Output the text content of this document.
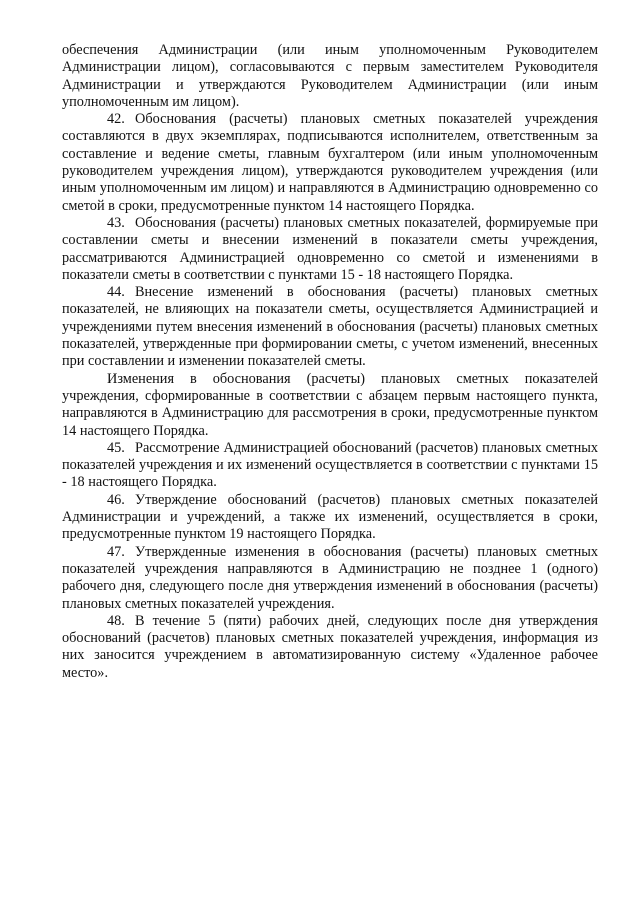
обеспечения Администрации (или иным уполномоченным Руководителем Администрации лицом), согласовываются с первым заместителем Руководителя Администрации и утверждаются Руководителем Администрации (или иным уполномоченным им лицом).

42. Обоснования (расчеты) плановых сметных показателей учреждения составляются в двух экземплярах, подписываются исполнителем, ответственным за составление и ведение сметы, главным бухгалтером (или иным уполномоченным руководителем учреждения лицом), утверждаются руководителем учреждения (или иным уполномоченным им лицом) и направляются в Администрацию одновременно со сметой в сроки, предусмотренные пунктом 14 настоящего Порядка.

43. Обоснования (расчеты) плановых сметных показателей, формируемые при составлении сметы и внесении изменений в показатели сметы учреждения, рассматриваются Администрацией одновременно со сметой и изменениями в показатели сметы в соответствии с пунктами 15 - 18 настоящего Порядка.

44. Внесение изменений в обоснования (расчеты) плановых сметных показателей, не влияющих на показатели сметы, осуществляется Администрацией и учреждениями путем внесения изменений в обоснования (расчеты) плановых сметных показателей, утвержденные при формировании сметы, с учетом изменений, внесенных при составлении и изменении показателей сметы.

Изменения в обоснования (расчеты) плановых сметных показателей учреждения, сформированные в соответствии с абзацем первым настоящего пункта, направляются в Администрацию для рассмотрения в сроки, предусмотренные пунктом 14 настоящего Порядка.

45. Рассмотрение Администрацией обоснований (расчетов) плановых сметных показателей учреждения и их изменений осуществляется в соответствии с пунктами 15 - 18 настоящего Порядка.

46. Утверждение обоснований (расчетов) плановых сметных показателей Администрации и учреждений, а также их изменений, осуществляется в сроки, предусмотренные пунктом 19 настоящего Порядка.

47. Утвержденные изменения в обоснования (расчеты) плановых сметных показателей учреждения направляются в Администрацию не позднее 1 (одного) рабочего дня, следующего после дня утверждения изменений в обоснования (расчеты) плановых сметных показателей учреждения.

48. В течение 5 (пяти) рабочих дней, следующих после дня утверждения обоснований (расчетов) плановых сметных показателей учреждения, информация из них заносится учреждением в автоматизированную систему «Удаленное рабочее место».
